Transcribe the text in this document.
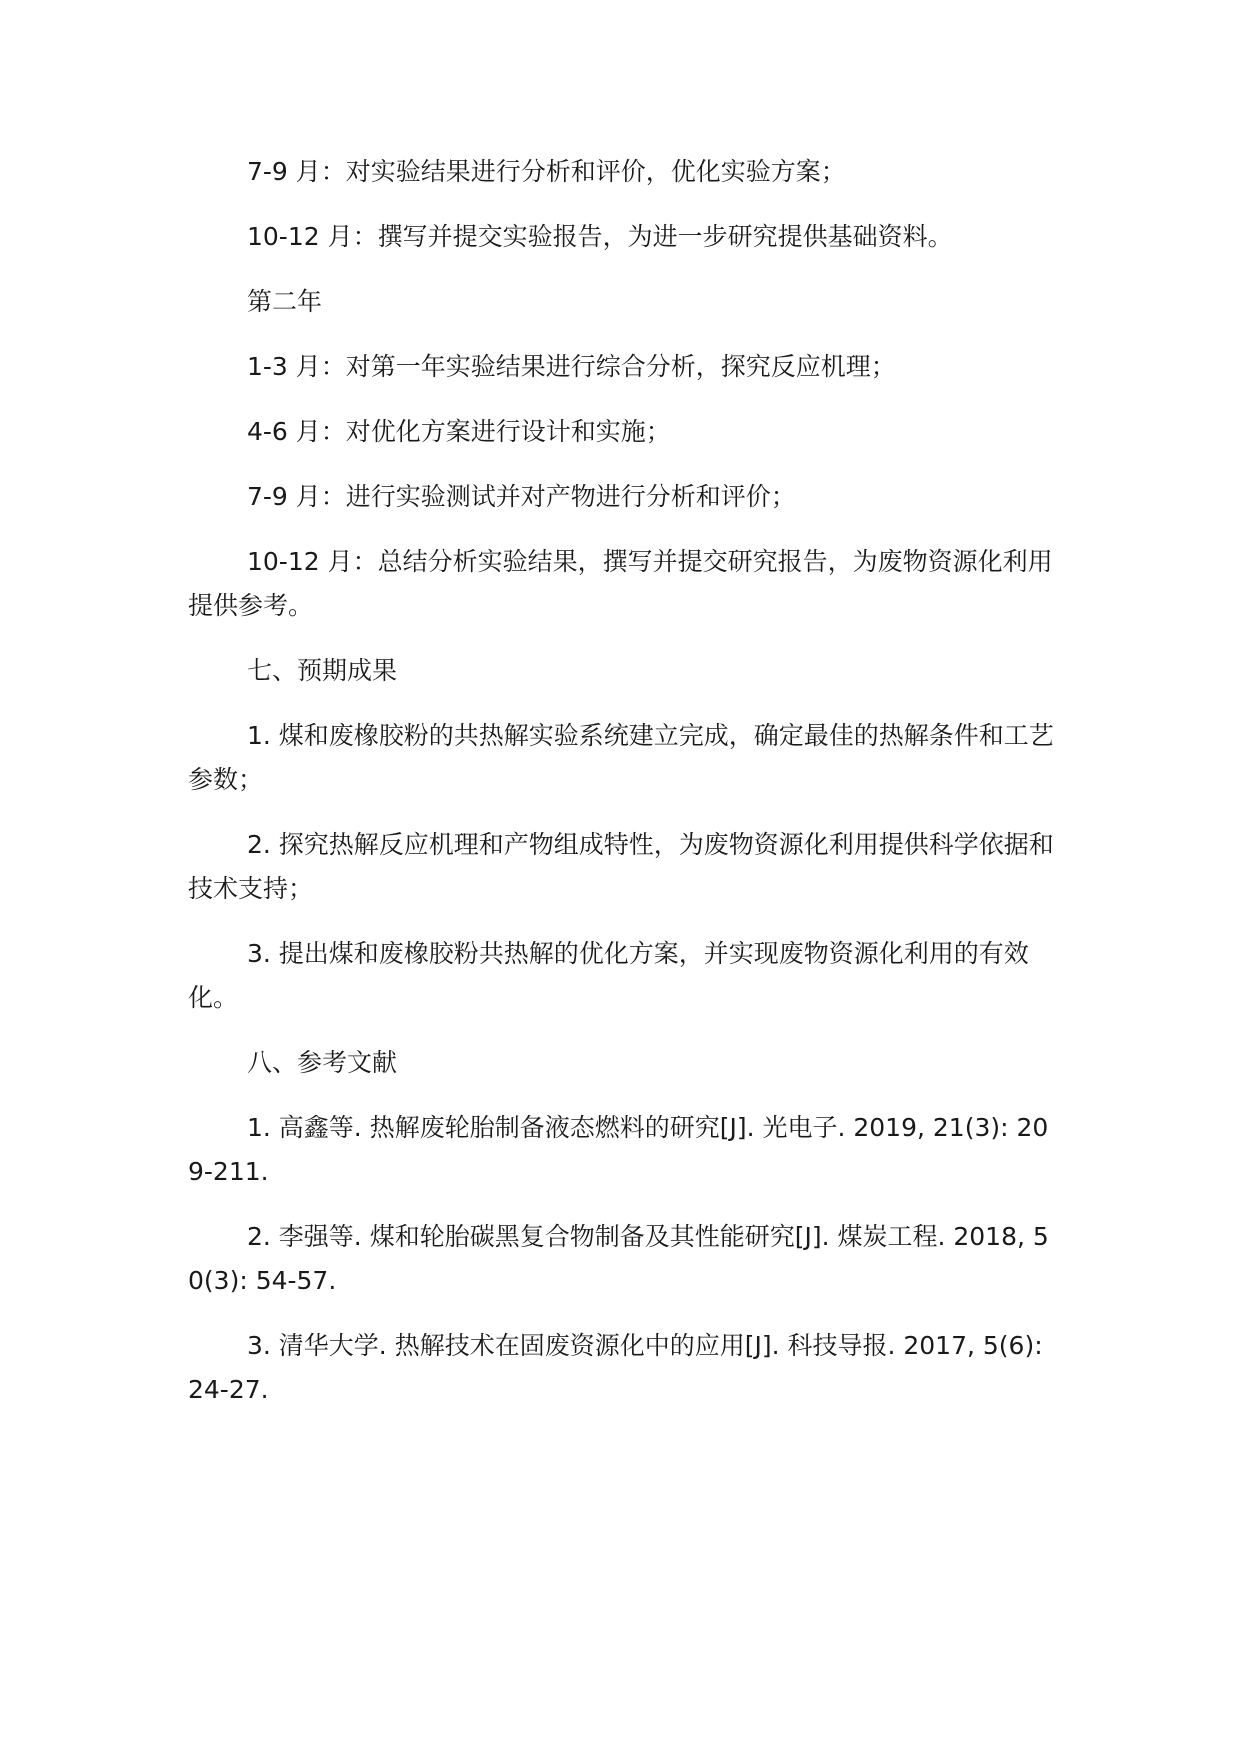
7-9 月：对实验结果进行分析和评价，优化实验方案；

10-12 月：撰写并提交实验报告，为进一步研究提供基础资料。

第二年

1-3 月：对第一年实验结果进行综合分析，探究反应机理；

4-6 月：对优化方案进行设计和实施；

7-9 月：进行实验测试并对产物进行分析和评价；

10-12 月：总结分析实验结果，撰写并提交研究报告，为废物资源化利用提供参考。

七、预期成果

1. 煤和废橡胶粉的共热解实验系统建立完成，确定最佳的热解条件和工艺参数；

2. 探究热解反应机理和产物组成特性，为废物资源化利用提供科学依据和技术支持；

3. 提出煤和废橡胶粉共热解的优化方案，并实现废物资源化利用的有效化。

八、参考文献

1. 高鑫等. 热解废轮胎制备液态燃料的研究[J]. 光电子. 2019, 21(3): 209-211.

2. 李强等. 煤和轮胎碳黑复合物制备及其性能研究[J]. 煤炭工程. 2018, 50(3): 54-57.

3. 清华大学. 热解技术在固废资源化中的应用[J]. 科技导报. 2017, 5(6): 24-27.
